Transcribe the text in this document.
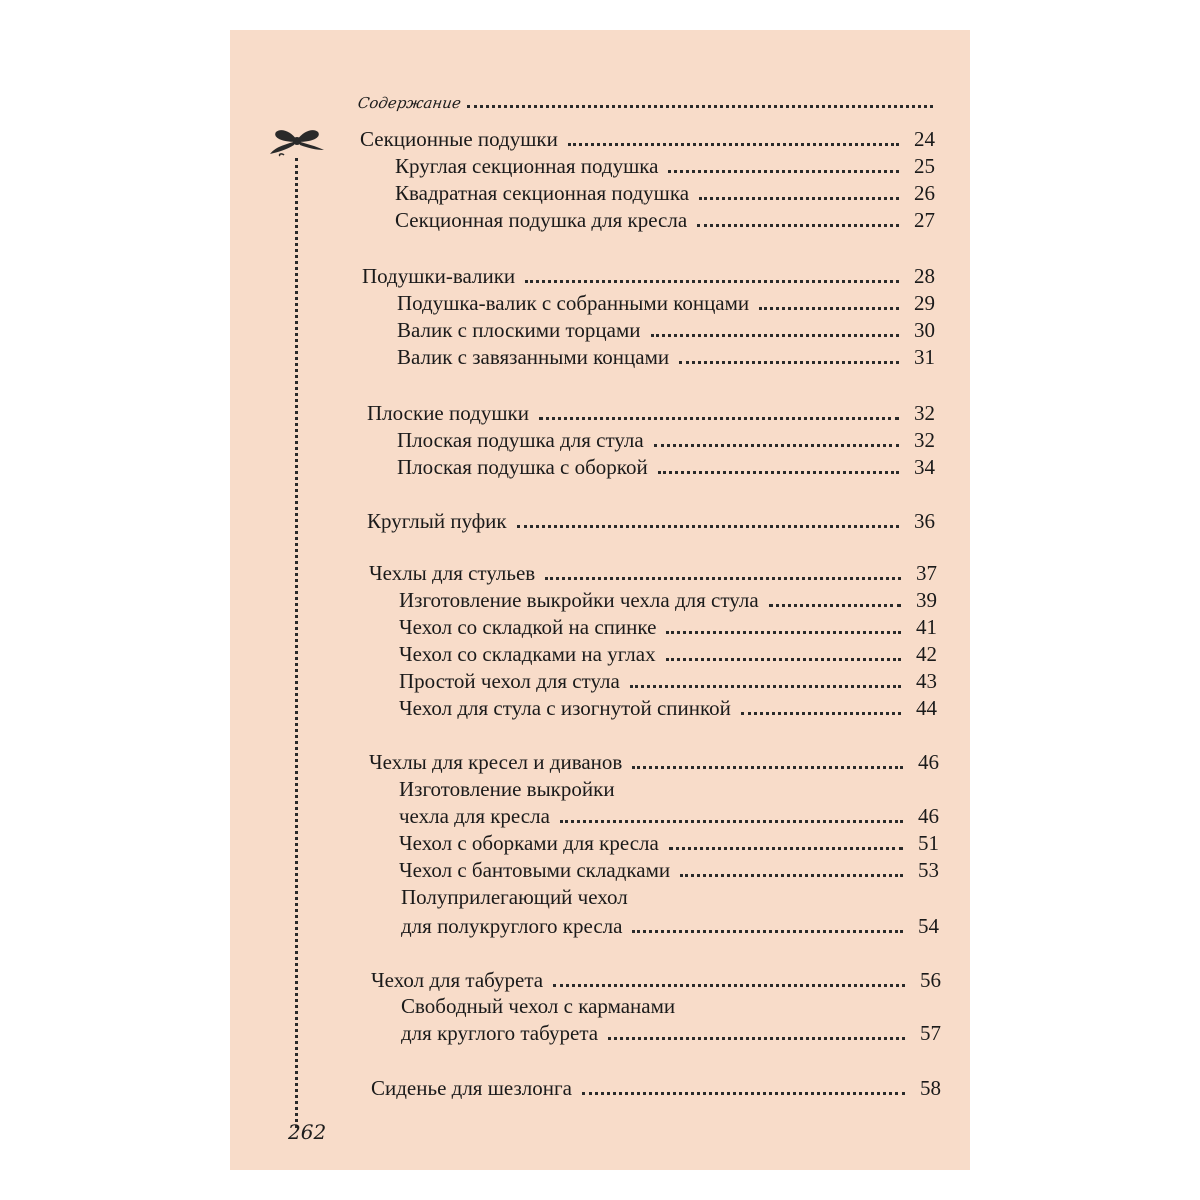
Содержание
Секционные подушки	24
Круглая секционная подушка	25
Квадратная секционная подушка	26
Секционная подушка для кресла	27
Подушки-валики	28
Подушка-валик с собранными концами	29
Валик с плоскими торцами	30
Валик с завязанными концами	31
Плоские подушки	32
Плоская подушка для стула	32
Плоская подушка с оборкой	34
Круглый пуфик	36
Чехлы для стульев	37
Изготовление выкройки чехла для стула	39
Чехол со складкой на спинке	41
Чехол со складками на углах	42
Простой чехол для стула	43
Чехол для стула с изогнутой спинкой	44
Чехлы для кресел и диванов	46
Изготовление выкройки
чехла для кресла	46
Чехол с оборками для кресла	51
Чехол с бантовыми складками	53
Полуприлегающий чехол
для полукруглого кресла	54
Чехол для табурета	56
Свободный чехол с карманами
для круглого табурета	57
Сиденье для шезлонга	58
262
